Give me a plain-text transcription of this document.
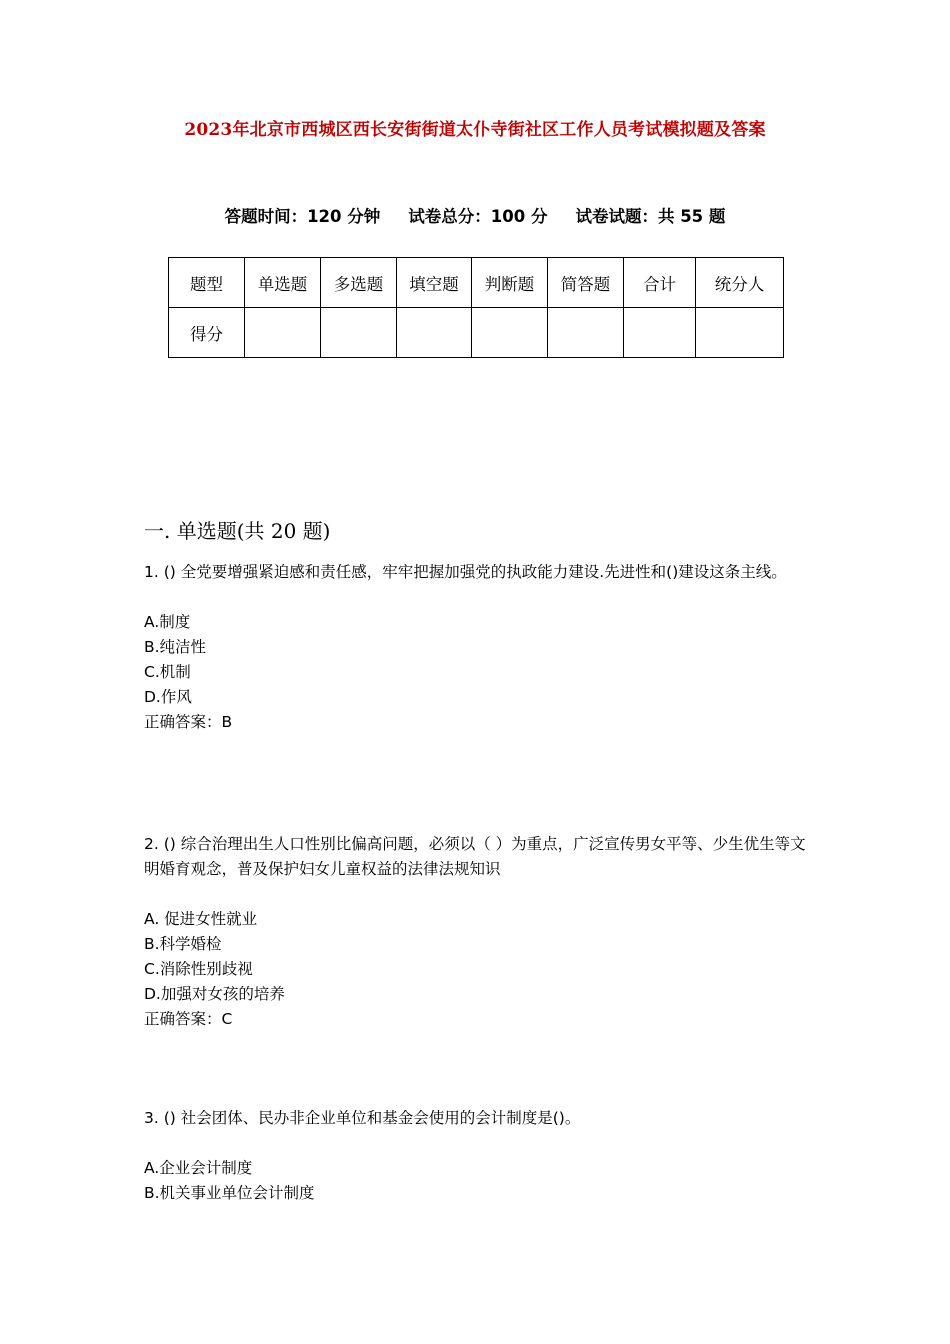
2023年北京市西城区西长安街街道太仆寺街社区工作人员考试模拟题及答案
答题时间：120 分钟 试卷总分：100 分 试卷试题：共 55 题
题型	单选题	多选题	填空题	判断题	简答题	合计	统分人
得分							
一. 单选题(共 20 题)

1. () 全党要增强紧迫感和责任感，牢牢把握加强党的执政能力建设.先进性和()建设这条主线。

A.制度
B.纯洁性
C.机制
D.作风
正确答案：B

2. () 综合治理出生人口性别比偏高问题，必须以（ ）为重点，广泛宣传男女平等、少生优生等文明婚育观念，普及保护妇女儿童权益的法律法规知识

A. 促进女性就业
B.科学婚检
C.消除性别歧视
D.加强对女孩的培养
正确答案：C

3. () 社会团体、民办非企业单位和基金会使用的会计制度是()。

A.企业会计制度
B.机关事业单位会计制度
